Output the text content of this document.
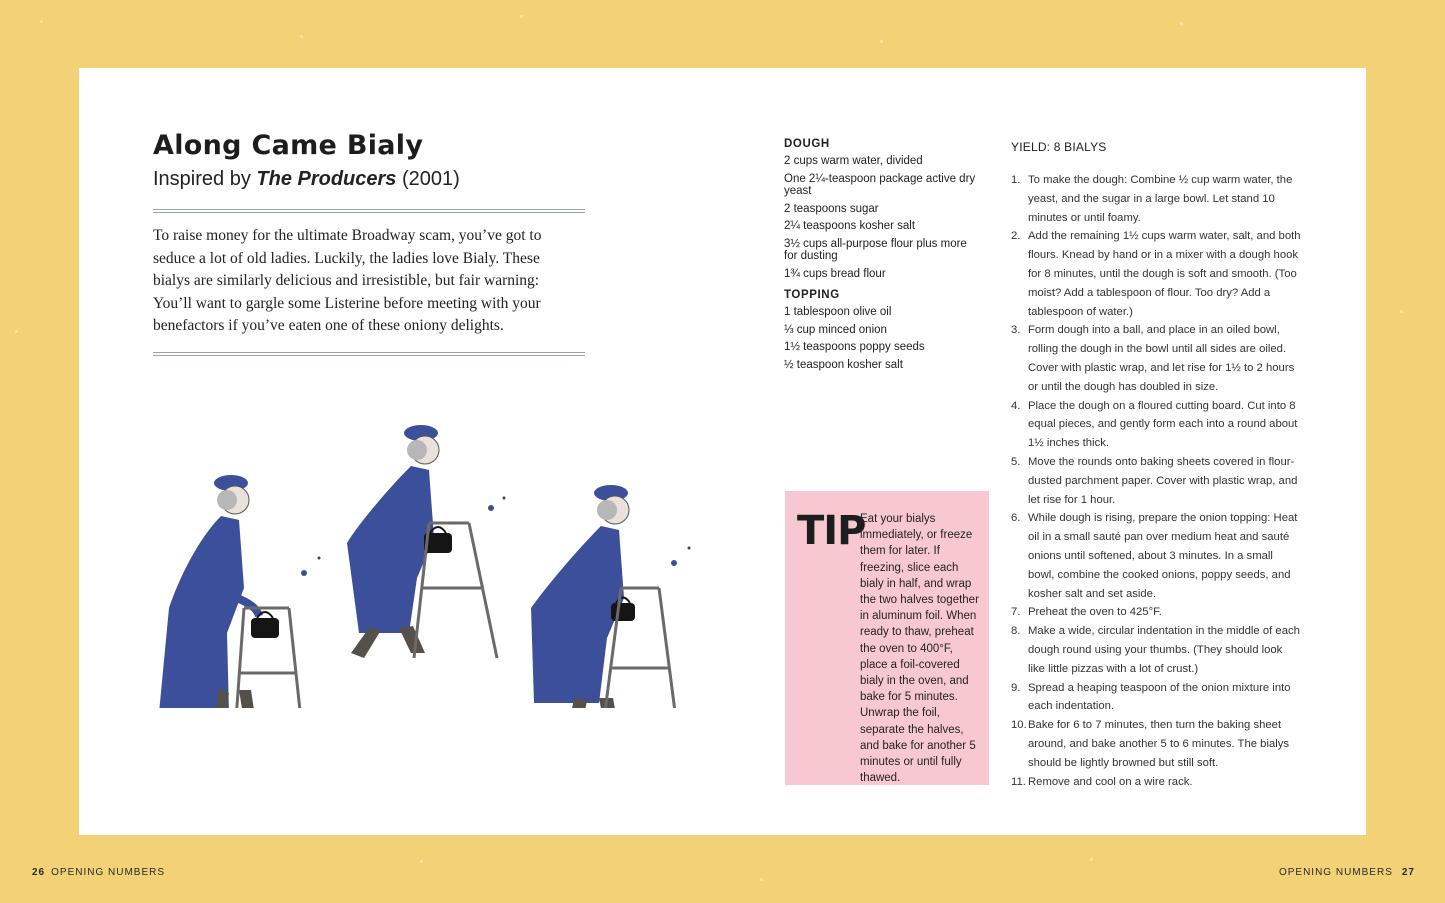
Along Came Bialy
Inspired by The Producers (2001)

To raise money for the ultimate Broadway scam, you’ve got to seduce a lot of old ladies. Luckily, the ladies love Bialy. These bialys are similarly delicious and irresistible, but fair warning: You’ll want to gargle some Listerine before meeting with your benefactors if you’ve eaten one of these oniony delights.

DOUGH
2 cups warm water, divided
One 2¼-teaspoon package active dry yeast
2 teaspoons sugar
2¼ teaspoons kosher salt
3½ cups all-purpose flour plus more for dusting
1¾ cups bread flour
TOPPING
1 tablespoon olive oil
⅓ cup minced onion
1½ teaspoons poppy seeds
½ teaspoon kosher salt
TIP

Eat your bialys immediately, or freeze them for later. If freezing, slice each bialy in half, and wrap the two halves together in aluminum foil. When ready to thaw, preheat the oven to 400°F, place a foil-covered bialy in the oven, and bake for 5 minutes. Unwrap the foil, separate the halves, and bake for another 5 minutes or until fully thawed.

YIELD: 8 BIALYS
1. To make the dough: Combine ½ cup warm water, the yeast, and the sugar in a large bowl. Let stand 10 minutes or until foamy.
2. Add the remaining 1½ cups warm water, salt, and both flours. Knead by hand or in a mixer with a dough hook for 8 minutes, until the dough is soft and smooth. (Too moist? Add a tablespoon of flour. Too dry? Add a tablespoon of water.)
3. Form dough into a ball, and place in an oiled bowl, rolling the dough in the bowl until all sides are oiled. Cover with plastic wrap, and let rise for 1½ to 2 hours or until the dough has doubled in size.
4. Place the dough on a floured cutting board. Cut into 8 equal pieces, and gently form each into a round about 1½ inches thick.
5. Move the rounds onto baking sheets covered in flour-dusted parchment paper. Cover with plastic wrap, and let rise for 1 hour.
6. While dough is rising, prepare the onion topping: Heat oil in a small sauté pan over medium heat and sauté onions until softened, about 3 minutes. In a small bowl, combine the cooked onions, poppy seeds, and kosher salt and set aside.
7. Preheat the oven to 425°F.
8. Make a wide, circular indentation in the middle of each dough round using your thumbs. (They should look like little pizzas with a lot of crust.)
9. Spread a heaping teaspoon of the onion mixture into each indentation.
10. Bake for 6 to 7 minutes, then turn the baking sheet around, and bake another 5 to 6 minutes. The bialys should be lightly browned but still soft.
11. Remove and cool on a wire rack.
26 OPENING NUMBERS	OPENING NUMBERS 27
